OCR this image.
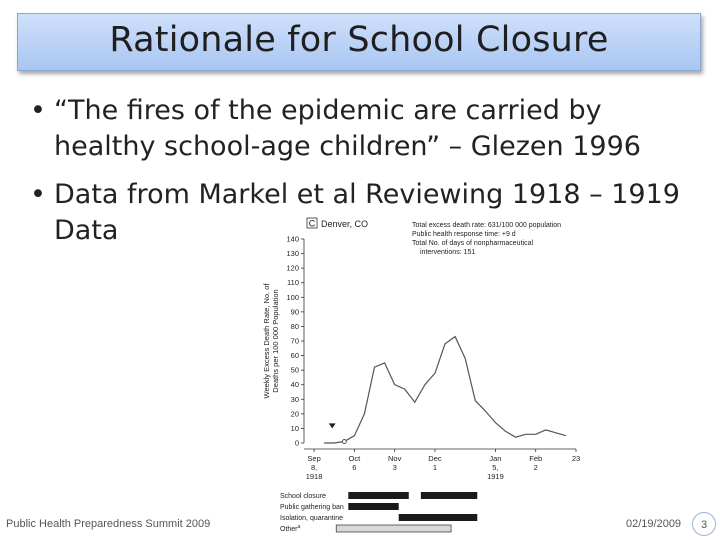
Rationale for School Closure
• “The fires of the epidemic are carried by healthy school-age children” – Glezen 1996
• Data from Markel et al Reviewing 1918 – 1919 Data	C Denver, CO	Total excess death rate: 631/100 000 population
Public health response time: +9 d
Total No. of days of nonpharmaceutical
interventions: 151
0
10
20
30
40
50
60
70
80
90
100
110
120
130
140
Weekly Excess Death Rate, No. of Deaths per 100 000 Population
Sep
8,
1918
Oct
6
Nov
3
Dec
1
Jan
5,
1919
Feb
2
23
School closure
Public gathering ban
Isolation, quarantine
Other$^a$
Public Health Preparedness Summit 2009	02/19/2009	3
